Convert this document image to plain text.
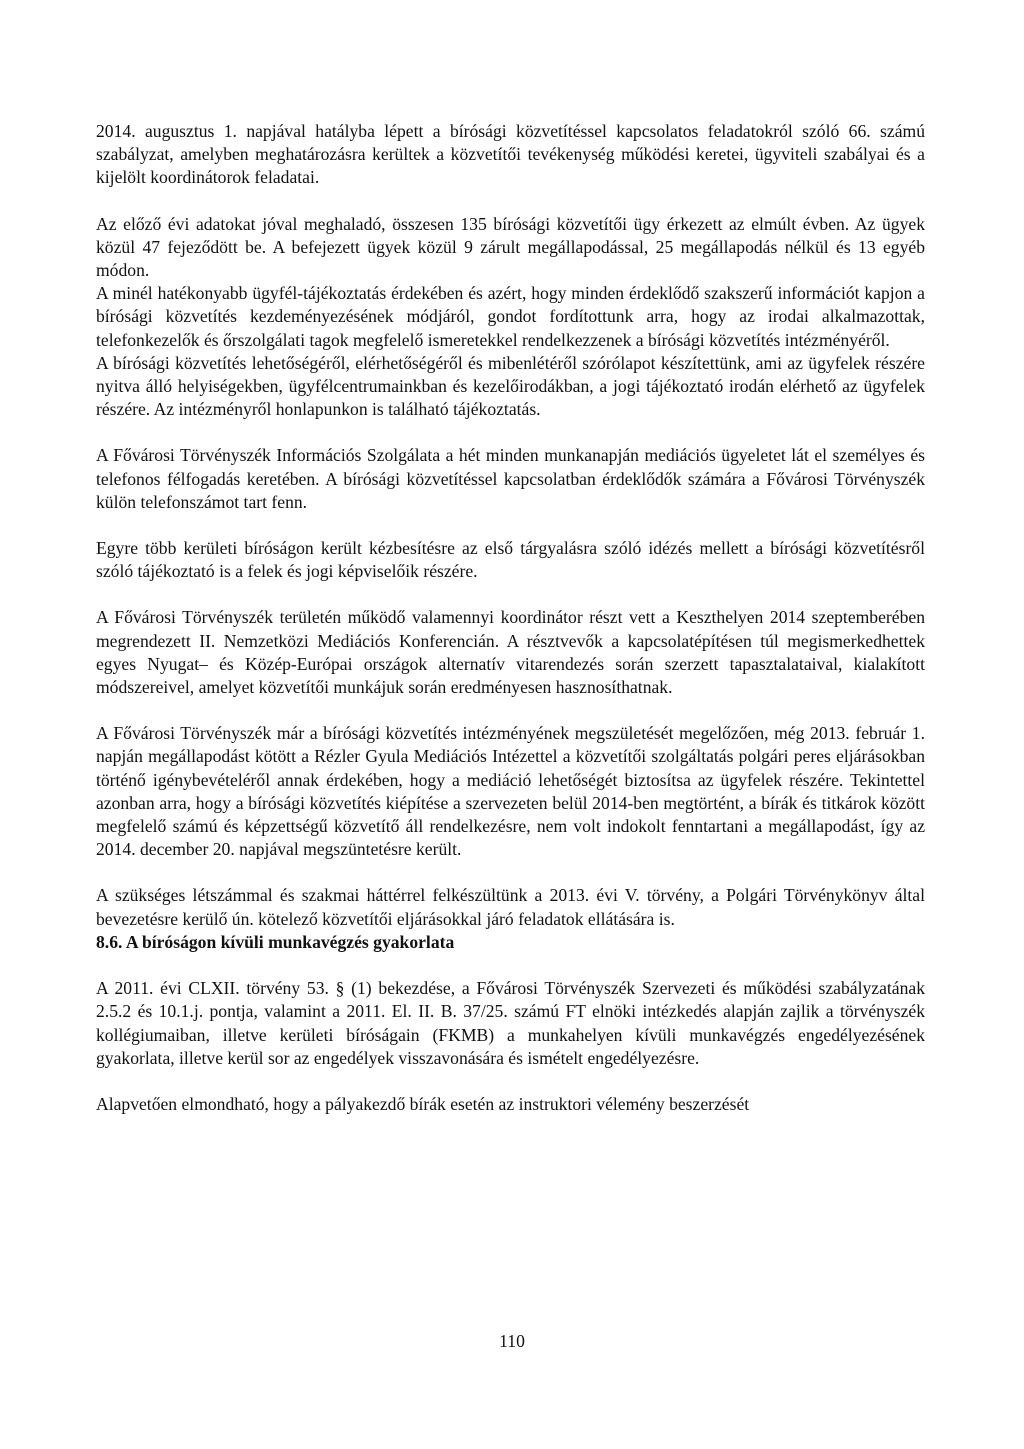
2014. augusztus 1. napjával hatályba lépett a bírósági közvetítéssel kapcsolatos feladatokról szóló 66. számú szabályzat, amelyben meghatározásra kerültek a közvetítői tevékenység működési keretei, ügyviteli szabályai és a kijelölt koordinátorok feladatai.

Az előző évi adatokat jóval meghaladó, összesen 135 bírósági közvetítői ügy érkezett az elmúlt évben. Az ügyek közül 47 fejeződött be. A befejezett ügyek közül 9 zárult megállapodással, 25 megállapodás nélkül és 13 egyéb módon.

A minél hatékonyabb ügyfél-tájékoztatás érdekében és azért, hogy minden érdeklődő szakszerű információt kapjon a bírósági közvetítés kezdeményezésének módjáról, gondot fordítottunk arra, hogy az irodai alkalmazottak, telefonkezelők és őrszolgálati tagok megfelelő ismeretekkel rendelkezzenek a bírósági közvetítés intézményéről.

A bírósági közvetítés lehetőségéről, elérhetőségéről és mibenlétéről szórólapot készítettünk, ami az ügyfelek részére nyitva álló helyiségekben, ügyfélcentrumainkban és kezelőirodákban, a jogi tájékoztató irodán elérhető az ügyfelek részére. Az intézményről honlapunkon is található tájékoztatás.

A Fővárosi Törvényszék Információs Szolgálata a hét minden munkanapján mediációs ügyeletet lát el személyes és telefonos félfogadás keretében. A bírósági közvetítéssel kapcsolatban érdeklődők számára a Fővárosi Törvényszék külön telefonszámot tart fenn.

Egyre több kerületi bíróságon került kézbesítésre az első tárgyalásra szóló idézés mellett a bírósági közvetítésről szóló tájékoztató is a felek és jogi képviselőik részére.

A Fővárosi Törvényszék területén működő valamennyi koordinátor részt vett a Keszthelyen 2014 szeptemberében megrendezett II. Nemzetközi Mediációs Konferencián. A résztvevők a kapcsolatépítésen túl megismerkedhettek egyes Nyugat– és Közép-Európai országok alternatív vitarendezés során szerzett tapasztalataival, kialakított módszereivel, amelyet közvetítői munkájuk során eredményesen hasznosíthatnak.

A Fővárosi Törvényszék már a bírósági közvetítés intézményének megszületését megelőzően, még 2013. február 1. napján megállapodást kötött a Rézler Gyula Mediációs Intézettel a közvetítői szolgáltatás polgári peres eljárásokban történő igénybevételéről annak érdekében, hogy a mediáció lehetőségét biztosítsa az ügyfelek részére. Tekintettel azonban arra, hogy a bírósági közvetítés kiépítése a szervezeten belül 2014-ben megtörtént, a bírák és titkárok között megfelelő számú és képzettségű közvetítő áll rendelkezésre, nem volt indokolt fenntartani a megállapodást, így az 2014. december 20. napjával megszüntetésre került.

A szükséges létszámmal és szakmai háttérrel felkészültünk a 2013. évi V. törvény, a Polgári Törvénykönyv által bevezetésre kerülő ún. kötelező közvetítői eljárásokkal járó feladatok ellátására is.

8.6. A bíróságon kívüli munkavégzés gyakorlata

A 2011. évi CLXII. törvény 53. § (1) bekezdése, a Fővárosi Törvényszék Szervezeti és működési szabályzatának 2.5.2 és 10.1.j. pontja, valamint a 2011. El. II. B. 37/25. számú FT elnöki intézkedés alapján zajlik a törvényszék kollégiumaiban, illetve kerületi bíróságain (FKMB) a munkahelyen kívüli munkavégzés engedélyezésének gyakorlata, illetve kerül sor az engedélyek visszavonására és ismételt engedélyezésre.

Alapvetően elmondható, hogy a pályakezdő bírák esetén az instruktori vélemény beszerzését

110
